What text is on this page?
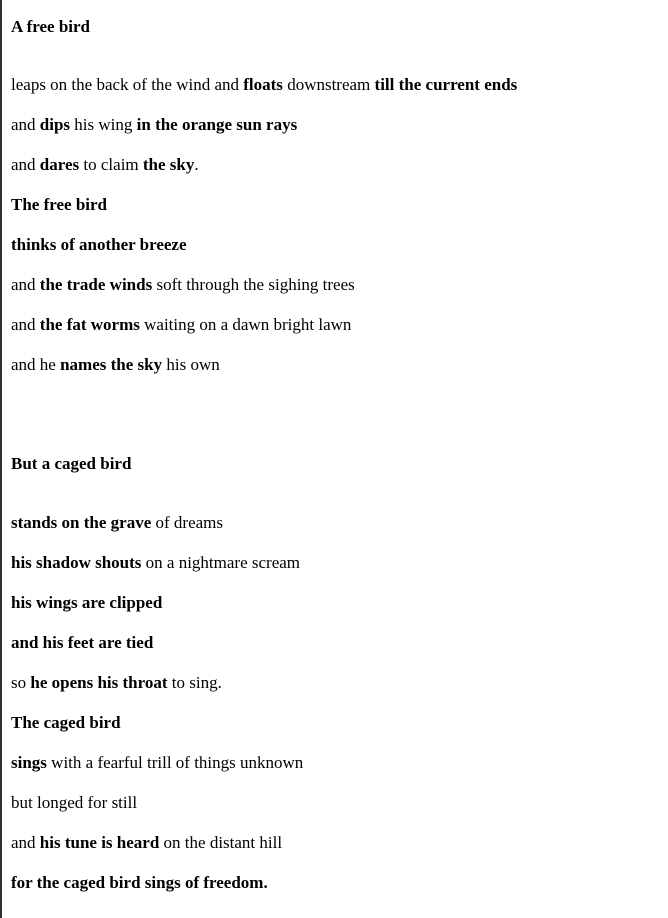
A free bird
leaps on the back of the wind and floats downstream till the current ends
and dips his wing in the orange sun rays
and dares to claim the sky.
The free bird
thinks of another breeze
and the trade winds soft through the sighing trees
and the fat worms waiting on a dawn bright lawn
and he names the sky his own
But a caged bird
stands on the grave of dreams
his shadow shouts on a nightmare scream
his wings are clipped
and his feet are tied
so he opens his throat to sing.
The caged bird
sings with a fearful trill of things unknown
but longed for still
and his tune is heard on the distant hill
for the caged bird sings of freedom.
